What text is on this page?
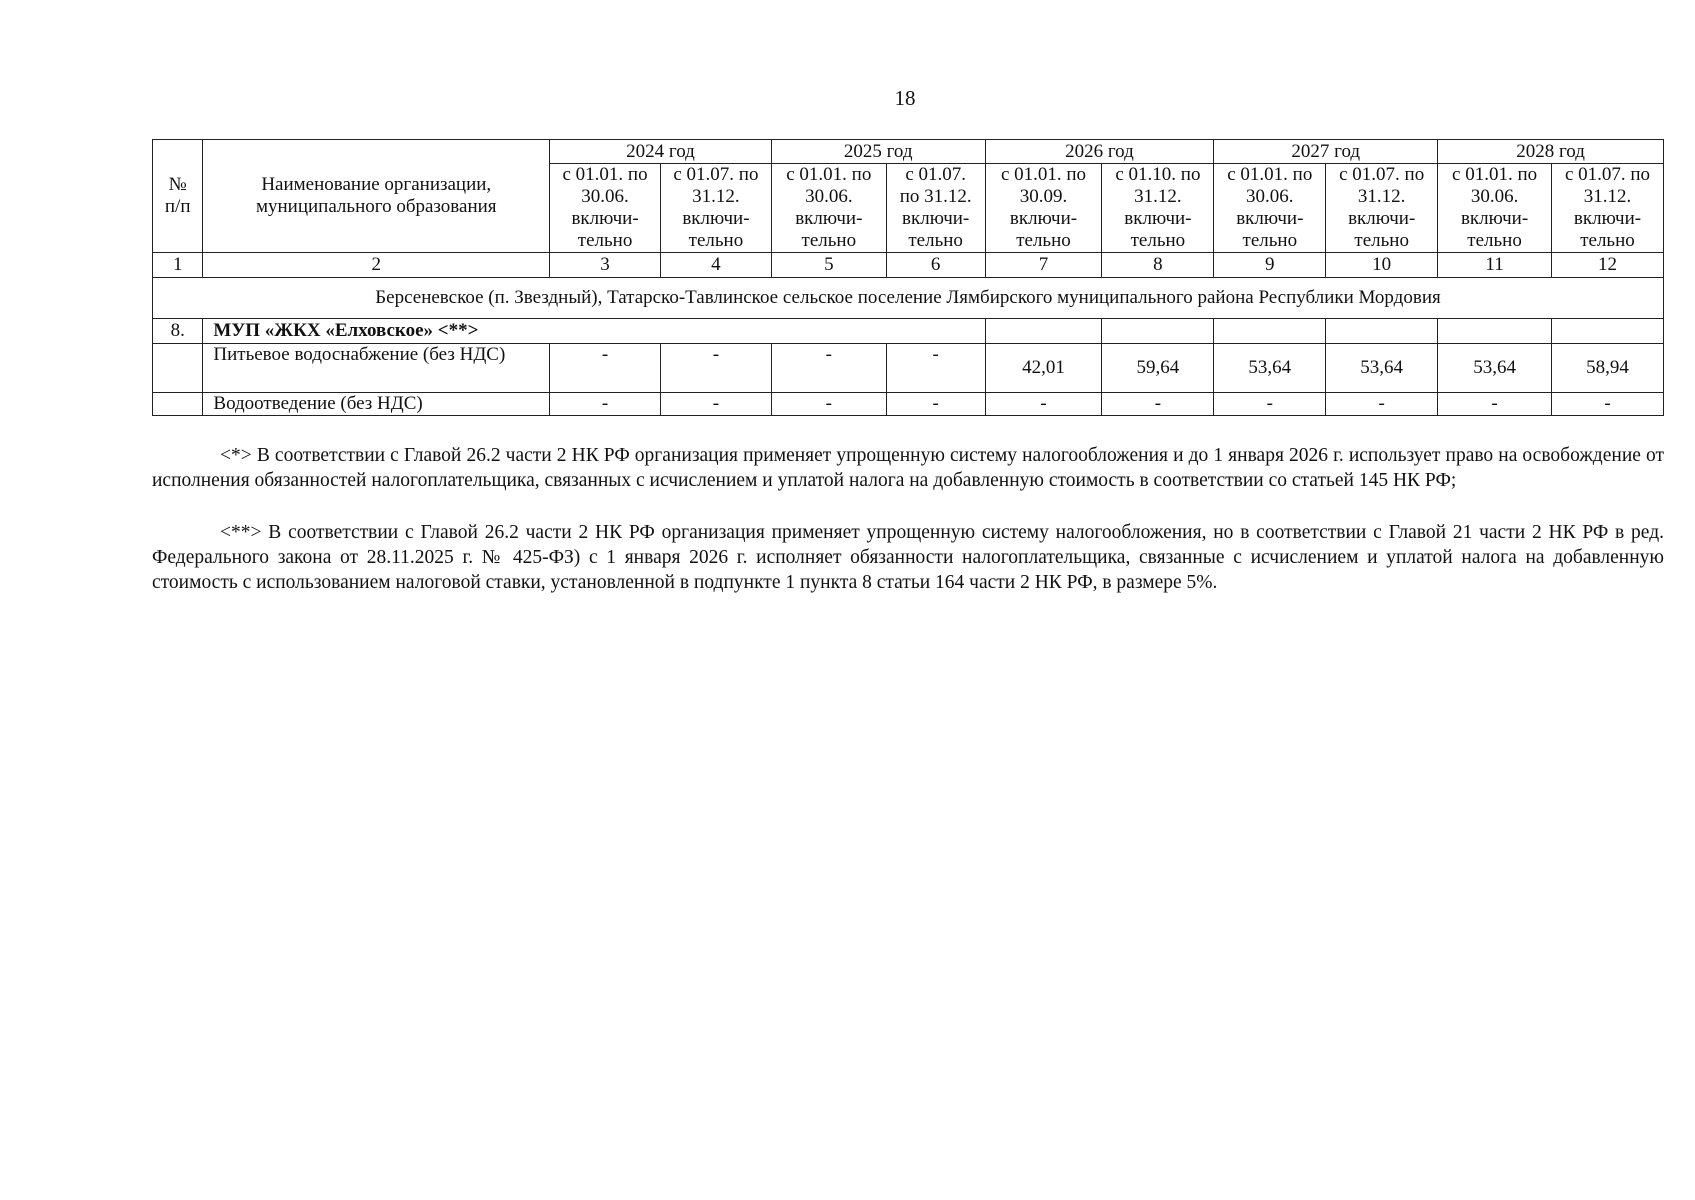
18
№
п/п	Наименование организации, муниципального образования	2024 год		2025 год		2026 год		2027 год		2028 год	
		с 01.01. по
30.06.
включи-
тельно	с 01.07. по
31.12.
включи-
тельно	с 01.01. по
30.06.
включи-
тельно	с 01.07.
по 31.12.
включи-
тельно	с 01.01. по
30.09.
включи-
тельно	с 01.10. по
31.12.
включи-
тельно	с 01.01. по
30.06.
включи-
тельно	с 01.07. по
31.12.
включи-
тельно	с 01.01. по
30.06.
включи-
тельно	с 01.07. по
31.12.
включи-
тельно
1	2	3	4	5	6	7	8	9	10	11	12
Берсеневское (п. Звездный), Татарско-Тавлинское сельское поселение Лямбирского муниципального района Республики Мордовия											
8.	МУП «ЖКХ «Елховское» <**>										
	Питьевое водоснабжение (без НДС)	-	-	-	-	42,01	59,64	53,64	53,64	53,64	58,94
	Водоотведение (без НДС)	-	-	-	-	-	-	-	-	-	-

<*> В соответствии с Главой 26.2 части 2 НК РФ организация применяет упрощенную систему налогообложения и до 1 января 2026 г. использует право на освобождение от исполнения обязанностей налогоплательщика, связанных с исчислением и уплатой налога на добавленную стоимость в соответствии со статьей 145 НК РФ;

<**> В соответствии с Главой 26.2 части 2 НК РФ организация применяет упрощенную систему налогообложения, но в соответствии с Главой 21 части 2 НК РФ в ред. Федерального закона от 28.11.2025 г. № 425-ФЗ) с 1 января 2026 г. исполняет обязанности налогоплательщика, связанные с исчислением и уплатой налога на добавленную стоимость с использованием налоговой ставки, установленной в подпункте 1 пункта 8 статьи 164 части 2 НК РФ, в размере 5%.
